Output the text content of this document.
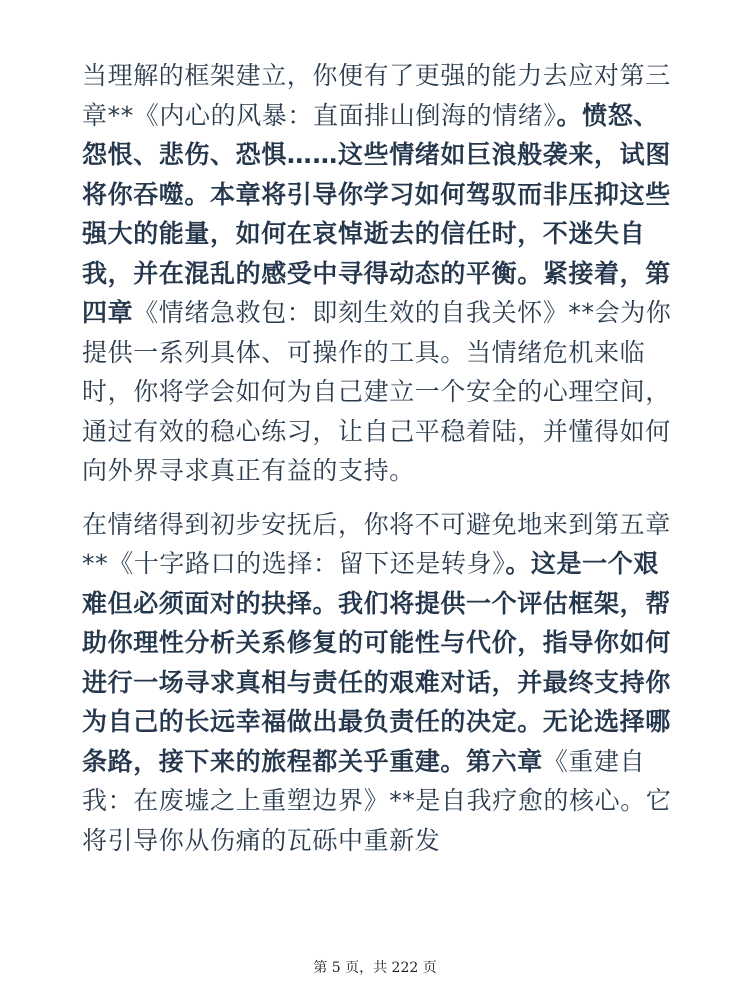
当理解的框架建立，你便有了更强的能力去应对第三章**《内心的风暴：直面排山倒海的情绪》。愤怒、怨恨、悲伤、恐惧……这些情绪如巨浪般袭来，试图将你吞噬。本章将引导你学习如何驾驭而非压抑这些强大的能量，如何在哀悼逝去的信任时，不迷失自我，并在混乱的感受中寻得动态的平衡。紧接着，第四章《情绪急救包：即刻生效的自我关怀》**会为你提供一系列具体、可操作的工具。当情绪危机来临时，你将学会如何为自己建立一个安全的心理空间，通过有效的稳心练习，让自己平稳着陆，并懂得如何向外界寻求真正有益的支持。

在情绪得到初步安抚后，你将不可避免地来到第五章**《十字路口的选择：留下还是转身》。这是一个艰难但必须面对的抉择。我们将提供一个评估框架，帮助你理性分析关系修复的可能性与代价，指导你如何进行一场寻求真相与责任的艰难对话，并最终支持你为自己的长远幸福做出最负责任的决定。无论选择哪条路，接下来的旅程都关乎重建。第六章《重建自我：在废墟之上重塑边界》**是自我疗愈的核心。它将引导你从伤痛的瓦砾中重新发

第 5 页，共 222 页
